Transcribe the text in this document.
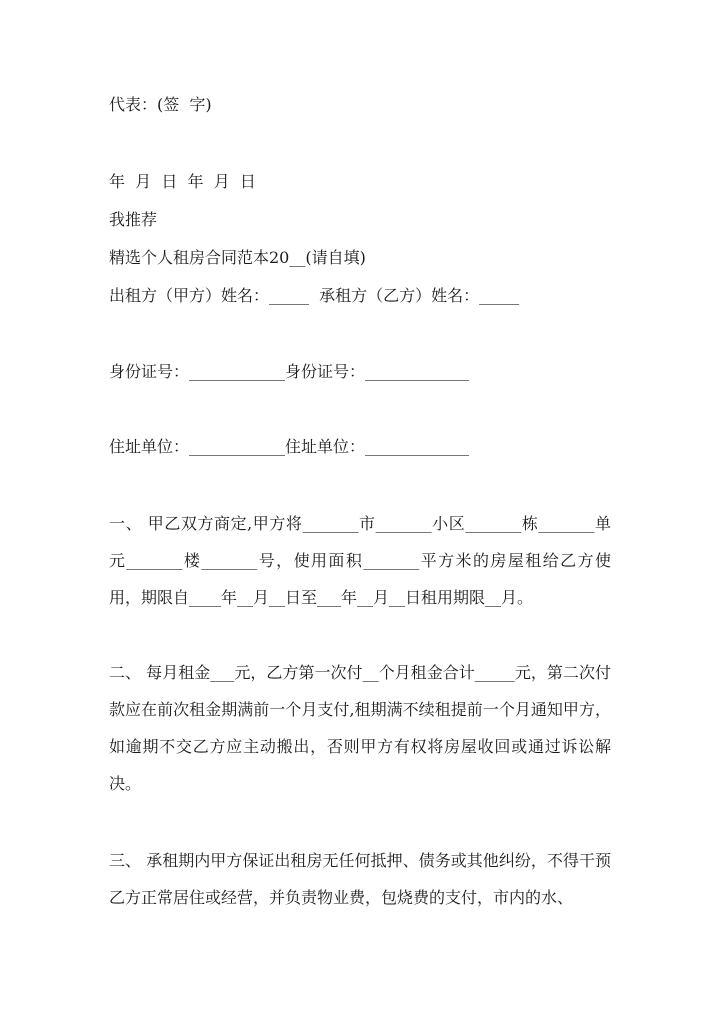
代表：(签  字)

年  月  日  年  月  日

我推荐

精选个人租房合同范本20__(请自填)

出租方（甲方）姓名：_____  承租方（乙方）姓名：_____

身份证号：____________身份证号：_____________

住址单位：____________住址单位：_____________

一、 甲乙双方商定,甲方将_______市_______小区_______栋_______单元_______楼_______号，使用面积_______平方米的房屋租给乙方使用，期限自____年__月__日至___年__月__日租用期限__月。

二、 每月租金___元，乙方第一次付__个月租金合计_____元，第二次付款应在前次租金期满前一个月支付,租期满不续租提前一个月通知甲方，如逾期不交乙方应主动搬出，否则甲方有权将房屋收回或通过诉讼解决。

三、 承租期内甲方保证出租房无任何抵押、债务或其他纠纷，不得干预乙方正常居住或经营，并负责物业费，包烧费的支付，市内的水、
